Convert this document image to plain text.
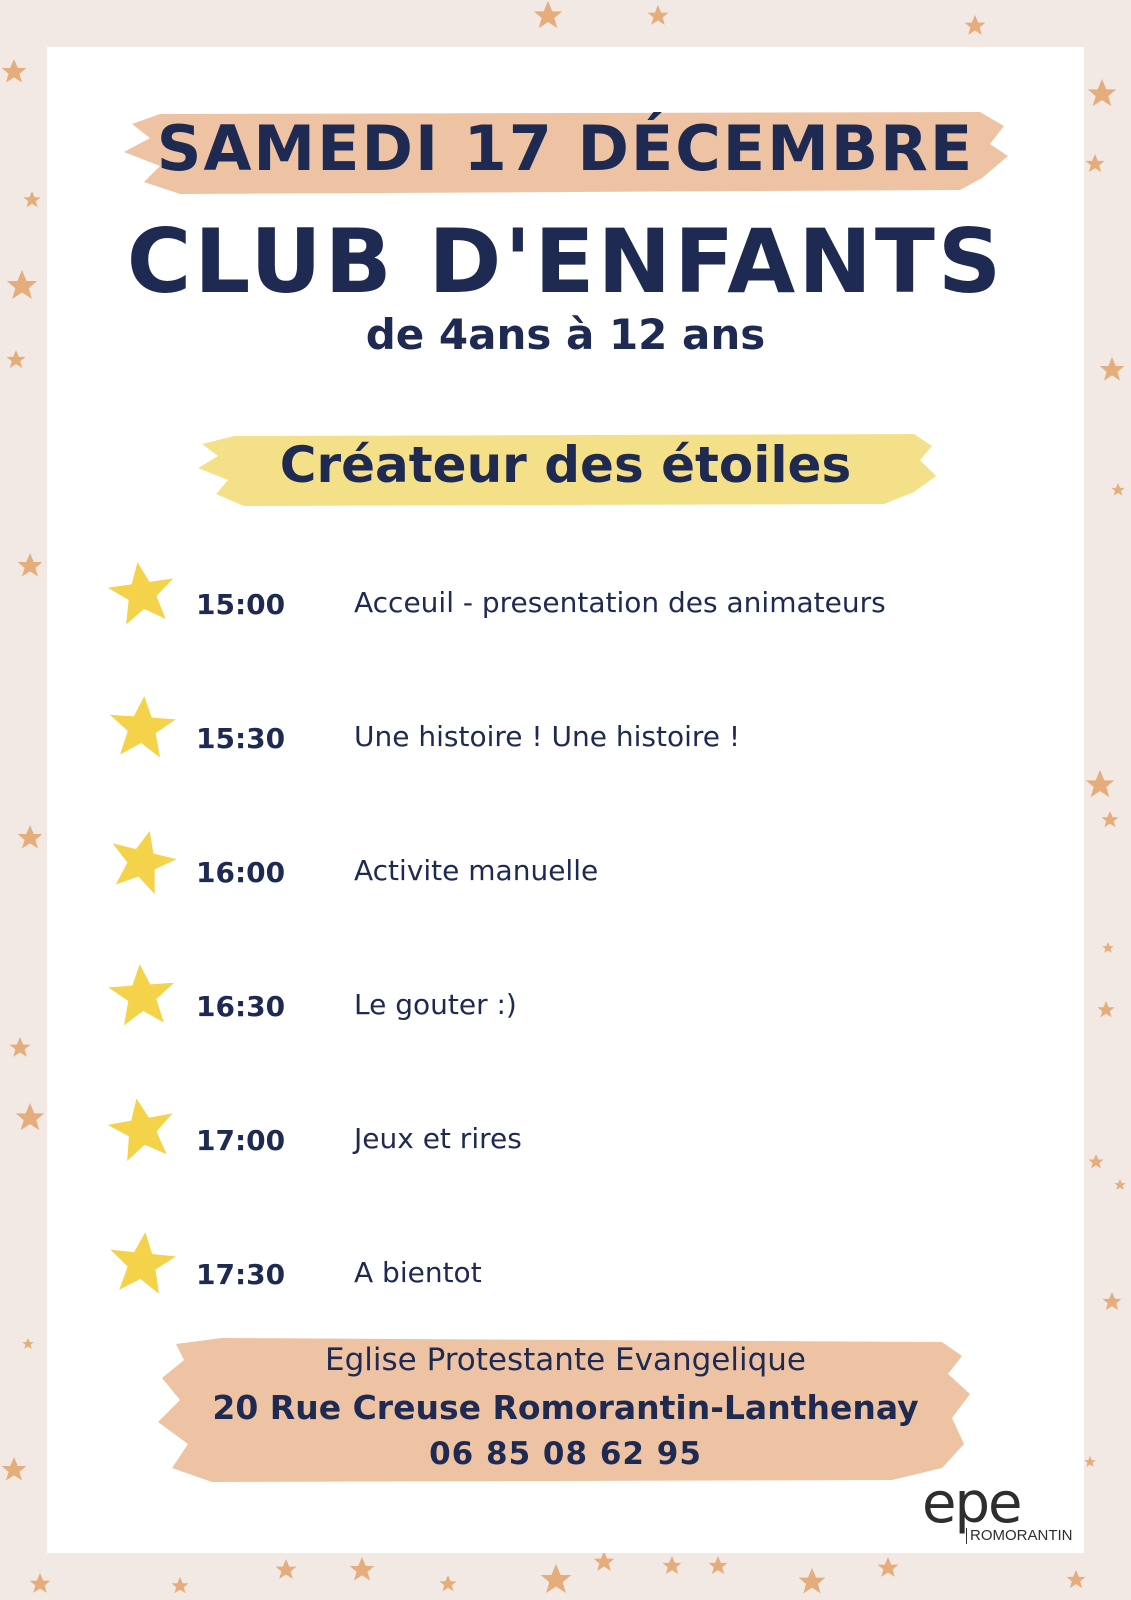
SAMEDI 17 DÉCEMBRE
CLUB D'ENFANTS
de 4ans à 12 ans
Créateur des étoiles
15:00 Acceuil - presentation des animateurs
15:30 Une histoire ! Une histoire !
16:00 Activite manuelle
16:30 Le gouter :)
17:00 Jeux et rires
17:30 A bientot
Eglise Protestante Evangelique
20 Rue Creuse Romorantin-Lanthenay
06 85 08 62 95
epe
ROMORANTIN
